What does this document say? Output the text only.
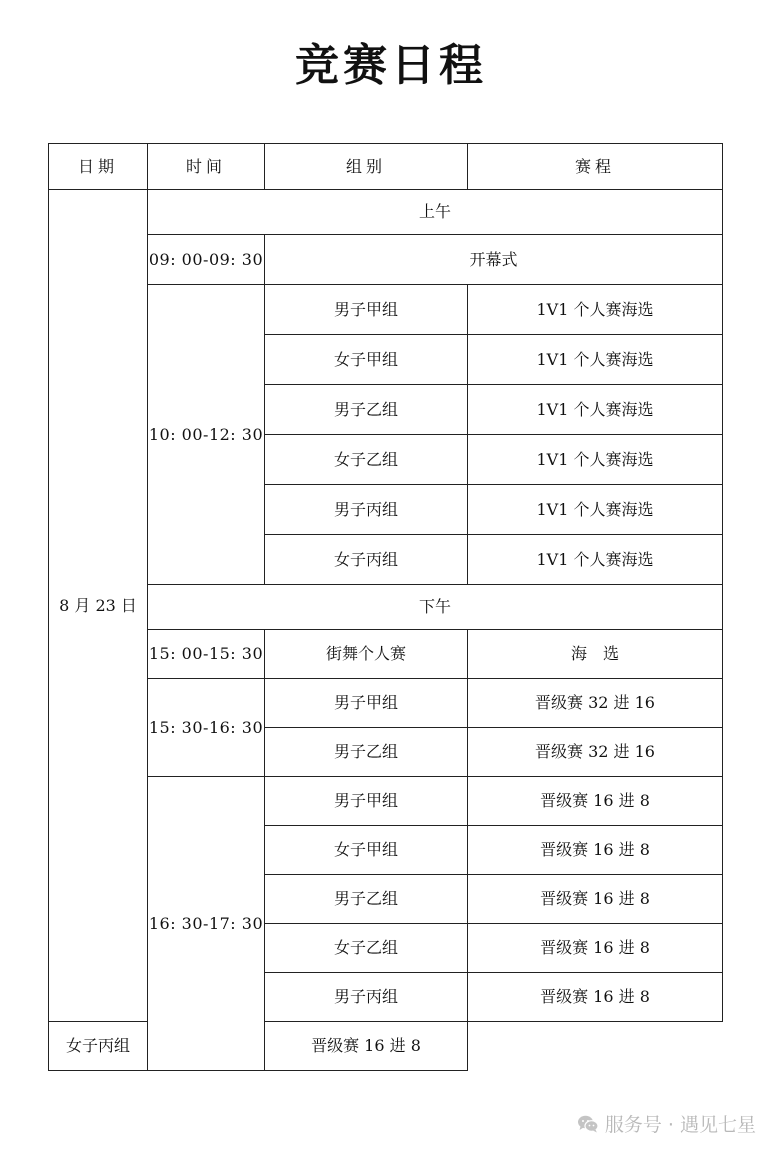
竞赛日程
日期	时间	组别	赛程
8 月 23 日	上午		
	09: 00-09: 30	开幕式	
	10: 00-12: 30	男子甲组	1V1 个人赛海选
		女子甲组	1V1 个人赛海选
		男子乙组	1V1 个人赛海选
		女子乙组	1V1 个人赛海选
		男子丙组	1V1 个人赛海选
		女子丙组	1V1 个人赛海选
	下午		
	15: 00-15: 30	街舞个人赛	海　选
	15: 30-16: 30	男子甲组	晋级赛 32 进 16
		男子乙组	晋级赛 32 进 16
	16: 30-17: 30	男子甲组	晋级赛 16 进 8
		女子甲组	晋级赛 16 进 8
		男子乙组	晋级赛 16 进 8
		女子乙组	晋级赛 16 进 8
		男子丙组	晋级赛 16 进 8
女子丙组		晋级赛 16 进 8	
服务号 · 遇见七星
